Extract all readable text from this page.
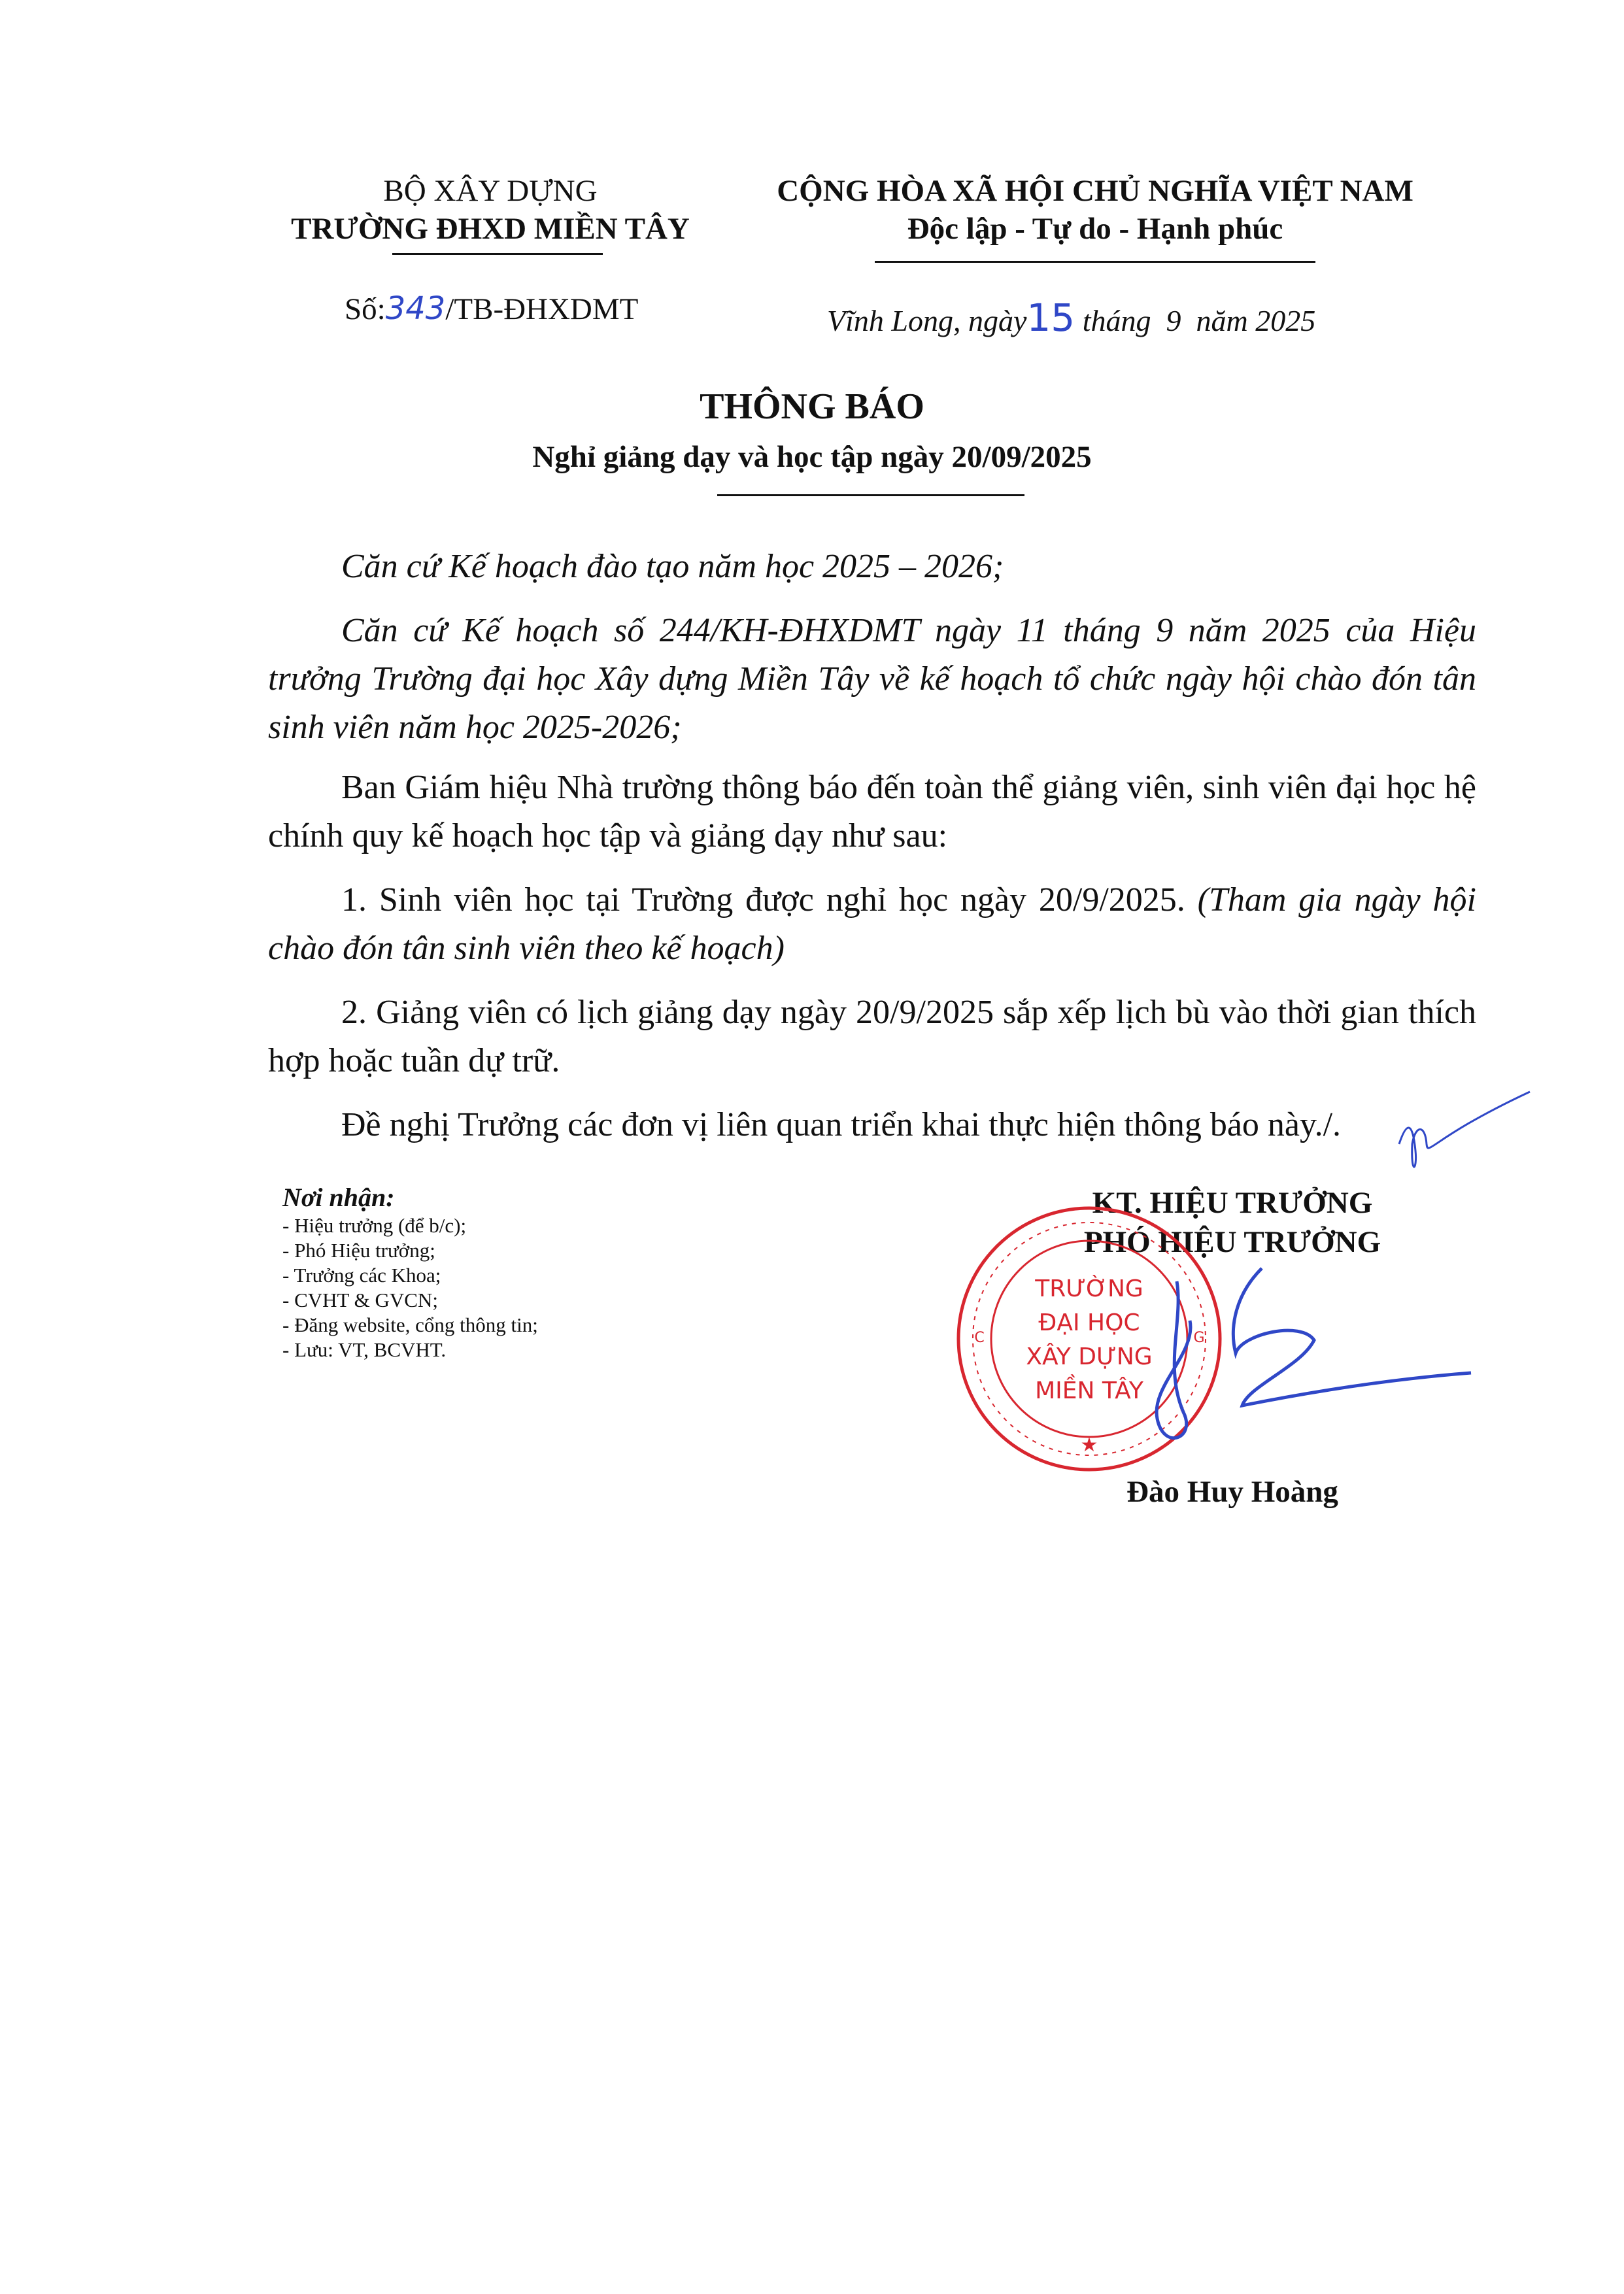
BỘ XÂY DỰNG
TRƯỜNG ĐHXD MIỀN TÂY
CỘNG HÒA XÃ HỘI CHỦ NGHĨA VIỆT NAM
Độc lập - Tự do - Hạnh phúc
Số:343/TB-ĐHXDMT	Vĩnh Long, ngày15 tháng  9  năm 2025
THÔNG BÁO
Nghỉ giảng dạy và học tập ngày 20/09/2025
Căn cứ Kế hoạch đào tạo năm học 2025 – 2026;
Căn cứ Kế hoạch số 244/KH-ĐHXDMT ngày 11 tháng 9 năm 2025 của Hiệu trưởng Trường đại học Xây dựng Miền Tây về kế hoạch tổ chức ngày hội chào đón tân sinh viên năm học 2025-2026;
Ban Giám hiệu Nhà trường thông báo đến toàn thể giảng viên, sinh viên đại học hệ chính quy kế hoạch học tập và giảng dạy như sau:
1. Sinh viên học tại Trường được nghỉ học ngày 20/9/2025. (Tham gia ngày hội chào đón tân sinh viên theo kế hoạch)
2. Giảng viên có lịch giảng dạy ngày 20/9/2025 sắp xếp lịch bù vào thời gian thích hợp hoặc tuần dự trữ.
Đề nghị Trưởng các đơn vị liên quan triển khai thực hiện thông báo này./.
Nơi nhận:
- Hiệu trưởng (để b/c);
- Phó Hiệu trưởng;
- Trưởng các Khoa;
- CVHT & GVCN;
- Đăng website, cổng thông tin;
- Lưu: VT, BCVHT.
KT. HIỆU TRƯỞNG
PHÓ HIỆU TRƯỞNG
★
C	G
TRƯỜNG
ĐẠI HỌC
XÂY DỰNG
MIỀN TÂY
Đào Huy Hoàng
